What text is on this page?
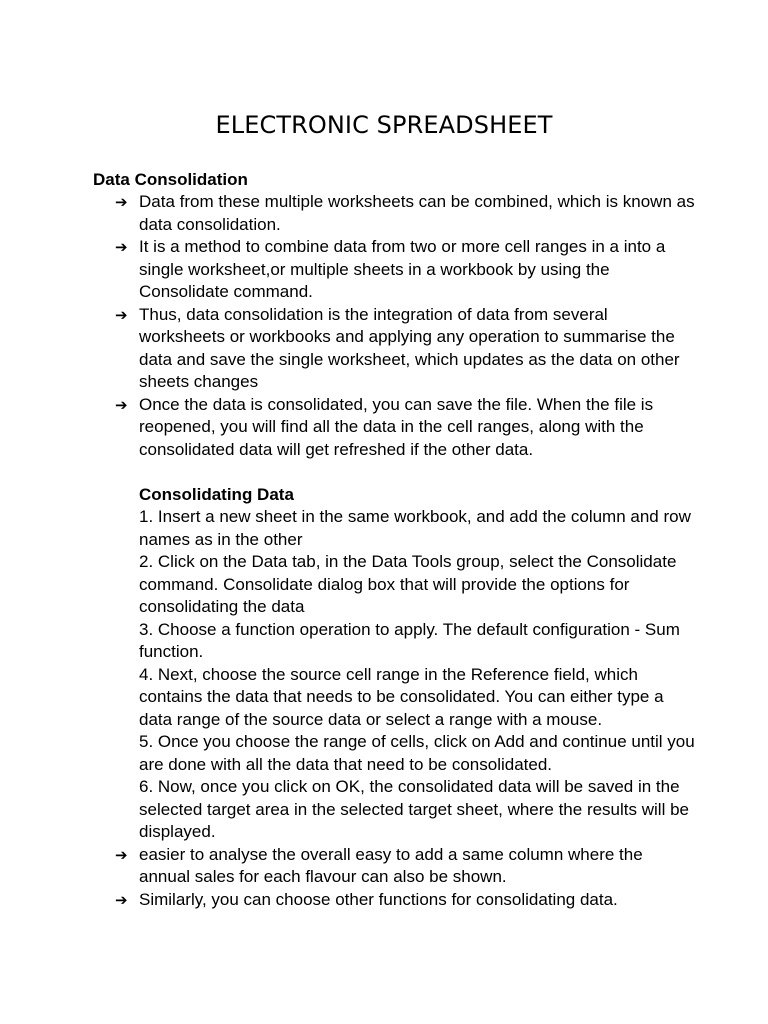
ELECTRONIC SPREADSHEET
Data Consolidation
➔ Data from these multiple worksheets can be combined, which is known as data consolidation.
➔ It is a method to combine data from two or more cell ranges in a into a single worksheet,or multiple sheets in a workbook by using the Consolidate command.
➔ Thus, data consolidation is the integration of data from several worksheets or workbooks and applying any operation to summarise the data and save the single worksheet, which updates as the data on other sheets changes
➔ Once the data is consolidated, you can save the file. When the file is reopened, you will find all the data in the cell ranges, along with the consolidated data will get refreshed if the other data.
Consolidating Data
1. Insert a new sheet in the same workbook, and add the column and row names as in the other
2. Click on the Data tab, in the Data Tools group, select the Consolidate command. Consolidate dialog box that will provide the options for consolidating the data
3. Choose a function operation to apply. The default configuration - Sum function.
4. Next, choose the source cell range in the Reference field, which contains the data that needs to be consolidated. You can either type a data range of the source data or select a range with a mouse.
5. Once you choose the range of cells, click on Add and continue until you are done with all the data that need to be consolidated.
6. Now, once you click on OK, the consolidated data will be saved in the selected target area in the selected target sheet, where the results will be displayed.
➔ easier to analyse the overall easy to add a same column where the annual sales for each flavour can also be shown.
➔ Similarly, you can choose other functions for consolidating data.
